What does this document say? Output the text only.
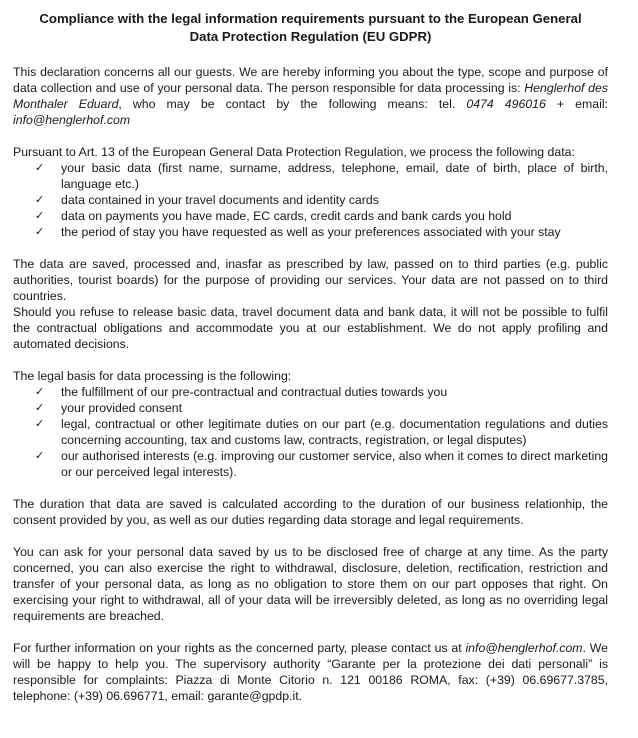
Compliance with the legal information requirements pursuant to the European General Data Protection Regulation (EU GDPR)

This declaration concerns all our guests. We are hereby informing you about the type, scope and purpose of data collection and use of your personal data. The person responsible for data processing is: Henglerhof des Monthaler Eduard, who may be contact by the following means: tel. 0474 496016 + email: info@henglerhof.com

Pursuant to Art. 13 of the European General Data Protection Regulation, we process the following data:

✓ your basic data (first name, surname, address, telephone, email, date of birth, place of birth, language etc.)
✓ data contained in your travel documents and identity cards
✓ data on payments you have made, EC cards, credit cards and bank cards you hold
✓ the period of stay you have requested as well as your preferences associated with your stay

The data are saved, processed and, inasfar as prescribed by law, passed on to third parties (e.g. public authorities, tourist boards) for the purpose of providing our services. Your data are not passed on to third countries.

Should you refuse to release basic data, travel document data and bank data, it will not be possible to fulfil the contractual obligations and accommodate you at our establishment. We do not apply profiling and automated decisions.

The legal basis for data processing is the following:

✓ the fulfillment of our pre-contractual and contractual duties towards you
✓ your provided consent
✓ legal, contractual or other legitimate duties on our part (e.g. documentation regulations and duties concerning accounting, tax and customs law, contracts, registration, or legal disputes)
✓ our authorised interests (e.g. improving our customer service, also when it comes to direct marketing or our perceived legal interests).

The duration that data are saved is calculated according to the duration of our business relationhip, the consent provided by you, as well as our duties regarding data storage and legal requirements.

You can ask for your personal data saved by us to be disclosed free of charge at any time. As the party concerned, you can also exercise the right to withdrawal, disclosure, deletion, rectification, restriction and transfer of your personal data, as long as no obligation to store them on our part opposes that right. On exercising your right to withdrawal, all of your data will be irreversibly deleted, as long as no overriding legal requirements are breached.

For further information on your rights as the concerned party, please contact us at info@henglerhof.com. We will be happy to help you. The supervisory authority “Garante per la protezione dei dati personali” is responsible for complaints: Piazza di Monte Citorio n. 121 00186 ROMA, fax: (+39) 06.69677.3785, telephone: (+39) 06.696771, email: garante@gpdp.it.
